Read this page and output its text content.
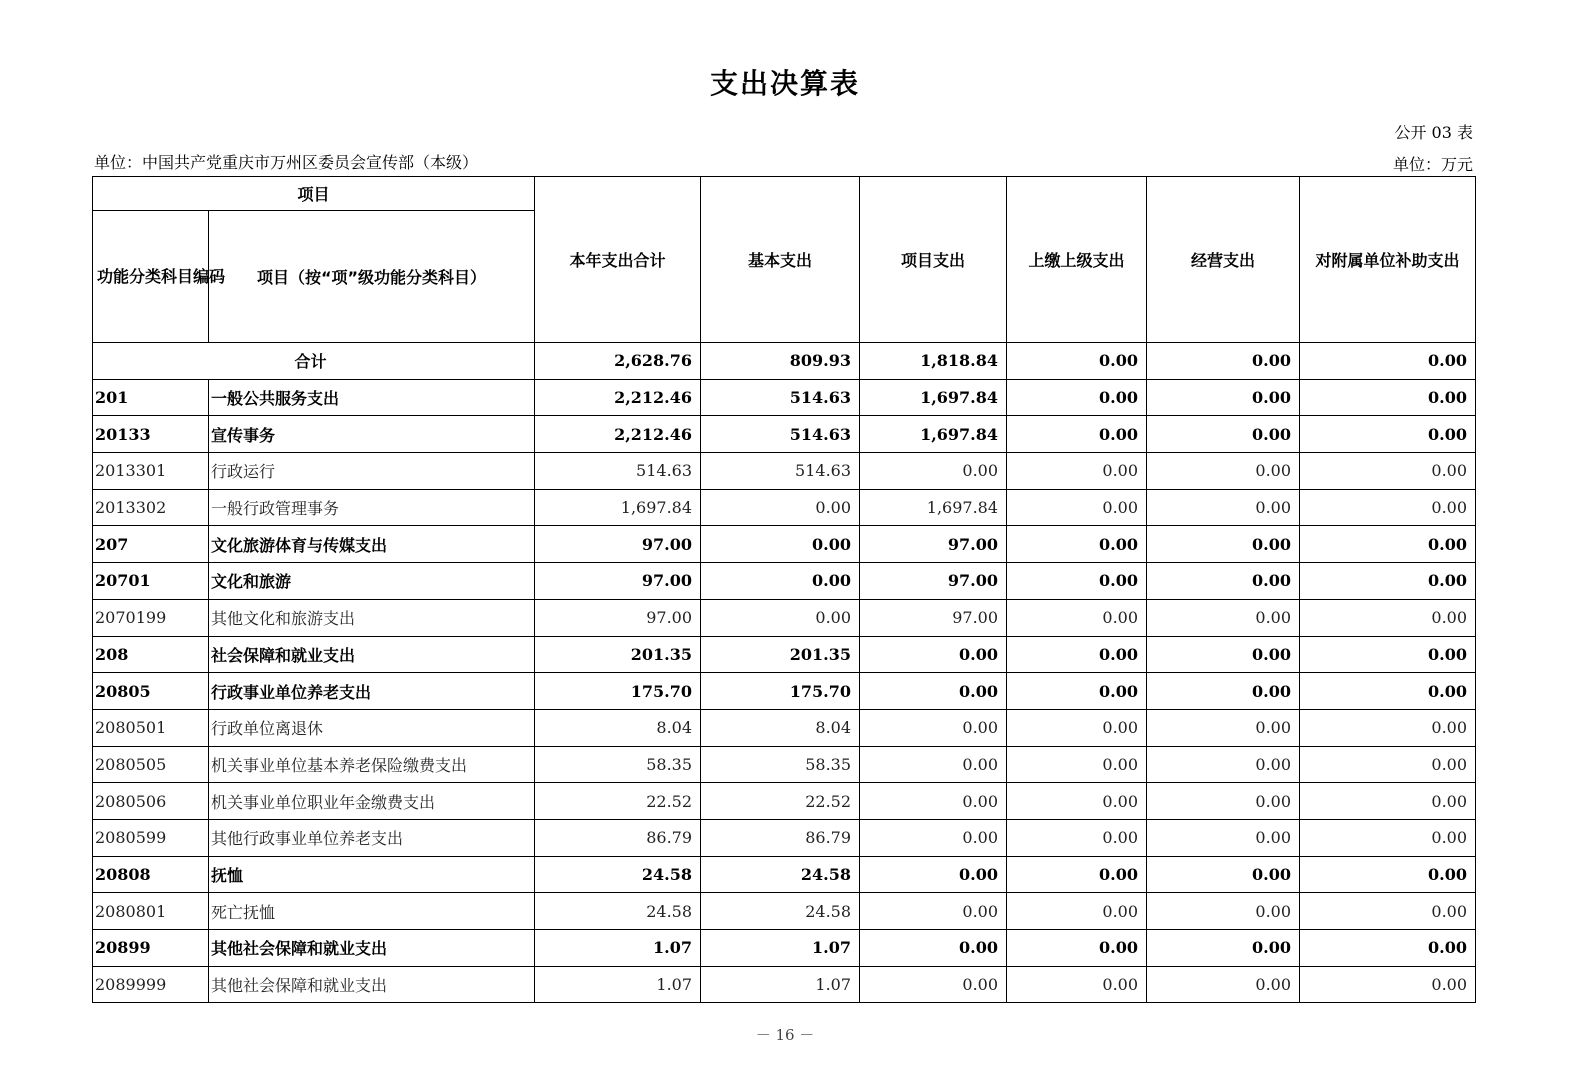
支出决算表
公开 03 表
单位：中国共产党重庆市万州区委员会宣传部（本级）	单位：万元
项目		本年支出合计	基本支出	项目支出	上缴上级支出	经营支出	对附属单位补助支出
功能分类科目编码	项目（按“项”级功能分类科目）						
合计		2,628.76	809.93	1,818.84	0.00	0.00	0.00
201	一般公共服务支出	2,212.46	514.63	1,697.84	0.00	0.00	0.00
20133	宣传事务	2,212.46	514.63	1,697.84	0.00	0.00	0.00
2013301	行政运行	514.63	514.63	0.00	0.00	0.00	0.00
2013302	一般行政管理事务	1,697.84	0.00	1,697.84	0.00	0.00	0.00
207	文化旅游体育与传媒支出	97.00	0.00	97.00	0.00	0.00	0.00
20701	文化和旅游	97.00	0.00	97.00	0.00	0.00	0.00
2070199	其他文化和旅游支出	97.00	0.00	97.00	0.00	0.00	0.00
208	社会保障和就业支出	201.35	201.35	0.00	0.00	0.00	0.00
20805	行政事业单位养老支出	175.70	175.70	0.00	0.00	0.00	0.00
2080501	行政单位离退休	8.04	8.04	0.00	0.00	0.00	0.00
2080505	机关事业单位基本养老保险缴费支出	58.35	58.35	0.00	0.00	0.00	0.00
2080506	机关事业单位职业年金缴费支出	22.52	22.52	0.00	0.00	0.00	0.00
2080599	其他行政事业单位养老支出	86.79	86.79	0.00	0.00	0.00	0.00
20808	抚恤	24.58	24.58	0.00	0.00	0.00	0.00
2080801	死亡抚恤	24.58	24.58	0.00	0.00	0.00	0.00
20899	其他社会保障和就业支出	1.07	1.07	0.00	0.00	0.00	0.00
2089999	其他社会保障和就业支出	1.07	1.07	0.00	0.00	0.00	0.00
－ 16 －
